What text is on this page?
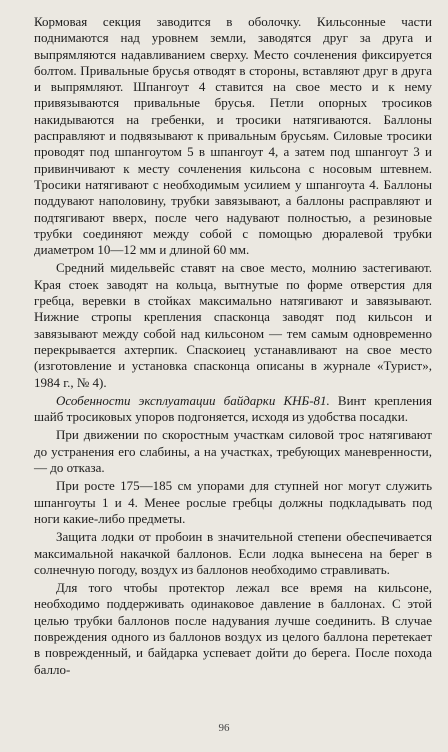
Кормовая секция заводится в оболочку. Кильсонные части поднимаются над уровнем земли, заводятся друг за друга и выпрямляются надавливанием сверху. Место сочленения фиксируется болтом. Привальные брусья отводят в стороны, вставляют друг в друга и выпрямляют. Шпангоут 4 ставится на свое место и к нему привязываются привальные брусья. Петли опорных тросиков накидываются на гребенки, и тросики натягиваются. Баллоны расправляют и подвязывают к привальным брусьям. Силовые тросики проводят под шпангоутом 5 в шпангоут 4, а затем под шпангоут 3 и привинчивают к месту сочленения кильсона с носовым штевнем. Тросики натягивают с необходимым усилием у шпангоута 4. Баллоны поддувают наполовину, трубки завязывают, а баллоны расправляют и подтягивают вверх, после чего надувают полностью, а резиновые трубки соединяют между собой с помощью дюралевой трубки диаметром 10—12 мм и длиной 60 мм.

Средний мидельвейс ставят на свое место, молнию застегивают. Края стоек заводят на кольца, вытнутые по форме отверстия для гребца, веревки в стойках максимально натягивают и завязывают. Нижние стропы крепления спасконца заводят под кильсон и завязывают между собой над кильсоном — тем самым одновременно перекрывается ахтерпик. Спаскоиец устанавливают на свое место (изготовление и установка спасконца описаны в журнале «Турист», 1984 г., № 4).

Особенности эксплуатации байдарки КНБ-81. Винт крепления шайб тросиковых упоров подгоняется, исходя из удобства посадки.

При движении по скоростным участкам силовой трос натягивают до устранения его слабины, а на участках, требующих маневренности, — до отказа.

При росте 175—185 см упорами для ступней ног могут служить шпангоуты 1 и 4. Менее рослые гребцы должны подкладывать под ноги какие-либо предметы.

Защита лодки от пробоин в значительной степени обеспечивается максимальной накачкой баллонов. Если лодка вынесена на берег в солнечную погоду, воздух из баллонов необходимо стравливать.

Для того чтобы протектор лежал все время на кильсоне, необходимо поддерживать одинаковое давление в баллонах. С этой целью трубки баллонов после надувания лучше соединить. В случае повреждения одного из баллонов воздух из целого баллона перетекает в поврежденный, и байдарка успевает дойти до берега. После похода балло-

96
